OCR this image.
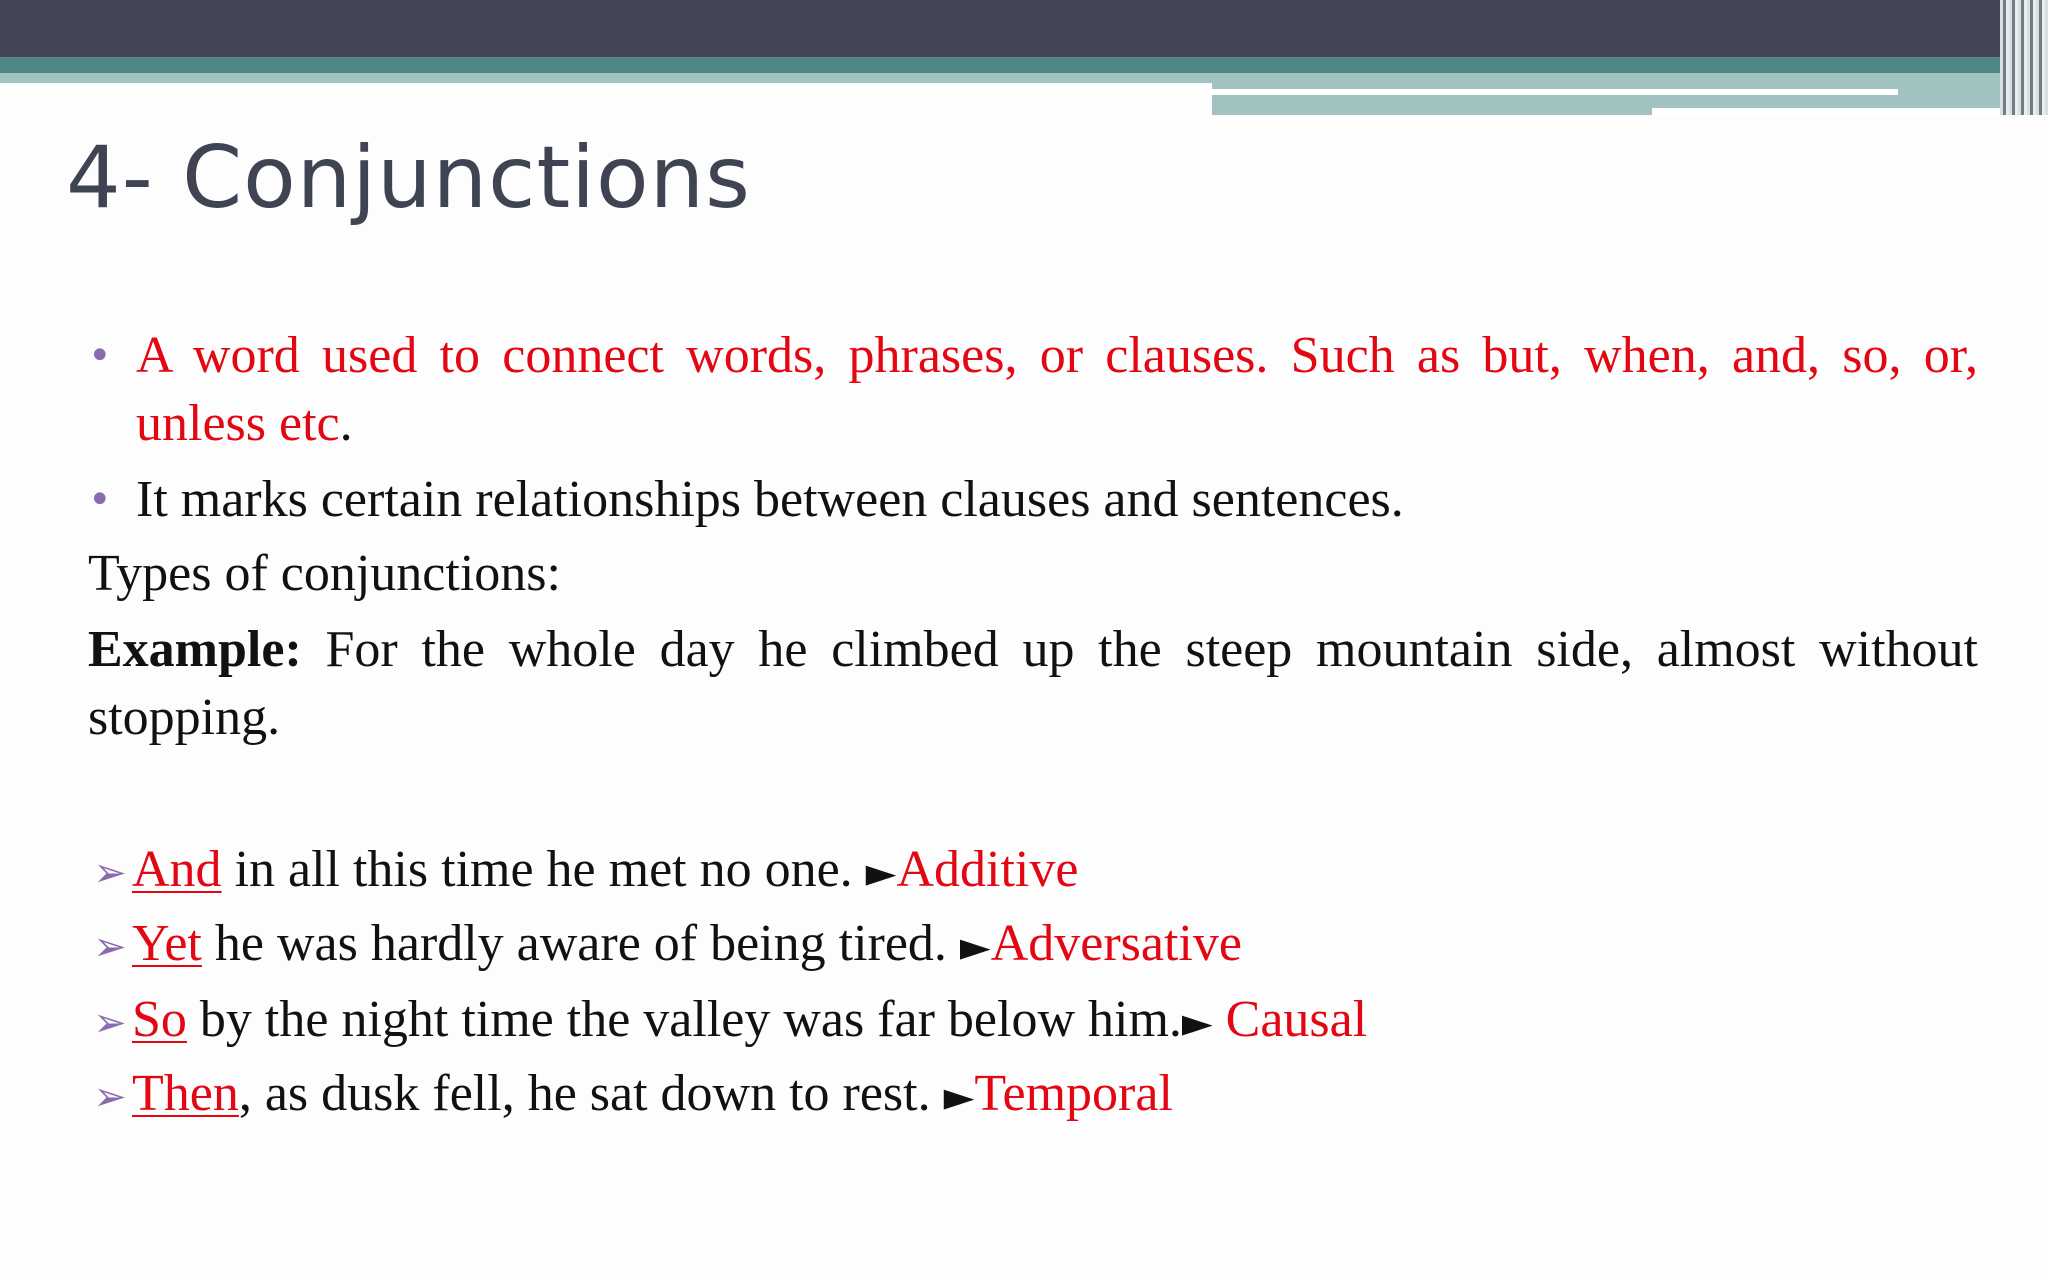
4- Conjunctions
• A word used to connect words, phrases, or clauses. Such as but, when, and, so, or, unless etc.
• It marks certain relationships between clauses and sentences.
Types of conjunctions:
Example: For the whole day he climbed up the steep mountain side, almost without stopping.
➢ And in all this time he met no one. ►Additive
➢ Yet he was hardly aware of being tired. ►Adversative
➢ So by the night time the valley was far below him.► Causal
➢ Then, as dusk fell, he sat down to rest. ►Temporal
